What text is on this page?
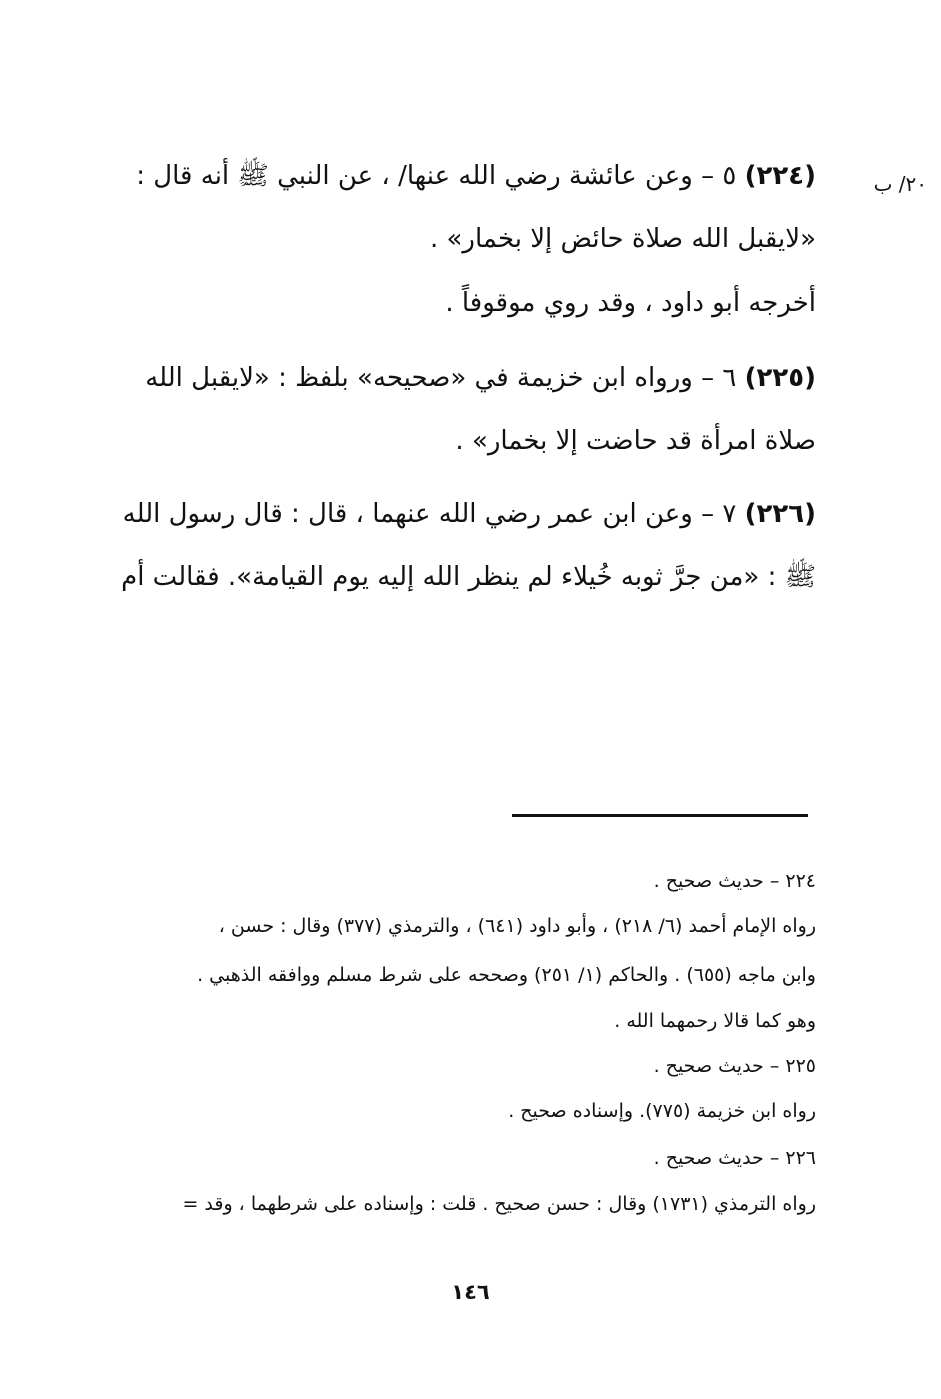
٢٠/ ب
(٢٢٤) ٥ – وعن عائشة رضي الله عنها/ ، عن النبي ﷺ أنه قال :
«لايقبل الله صلاة حائض إلا بخمار» .
أخرجه أبو داود ، وقد روي موقوفاً .
(٢٢٥) ٦ – ورواه ابن خزيمة في «صحيحه» بلفظ : «لايقبل الله
صلاة امرأة قد حاضت إلا بخمار» .
(٢٢٦) ٧ – وعن ابن عمر رضي الله عنهما ، قال : قال رسول الله
ﷺ : «من جرَّ ثوبه خُيلاء لم ينظر الله إليه يوم القيامة». فقالت أم
٢٢٤ – حديث صحيح .
رواه الإمام أحمد (٦/ ٢١٨) ، وأبو داود (٦٤١) ، والترمذي (٣٧٧) وقال : حسن ،
وابن ماجه (٦٥٥) . والحاكم (١/ ٢٥١) وصححه على شرط مسلم ووافقه الذهبي .
وهو كما قالا رحمهما الله .
٢٢٥ – حديث صحيح .
رواه ابن خزيمة (٧٧٥). وإسناده صحيح .
٢٢٦ – حديث صحيح .
رواه الترمذي (١٧٣١) وقال : حسن صحيح . قلت : وإسناده على شرطهما ، وقد =
١٤٦
